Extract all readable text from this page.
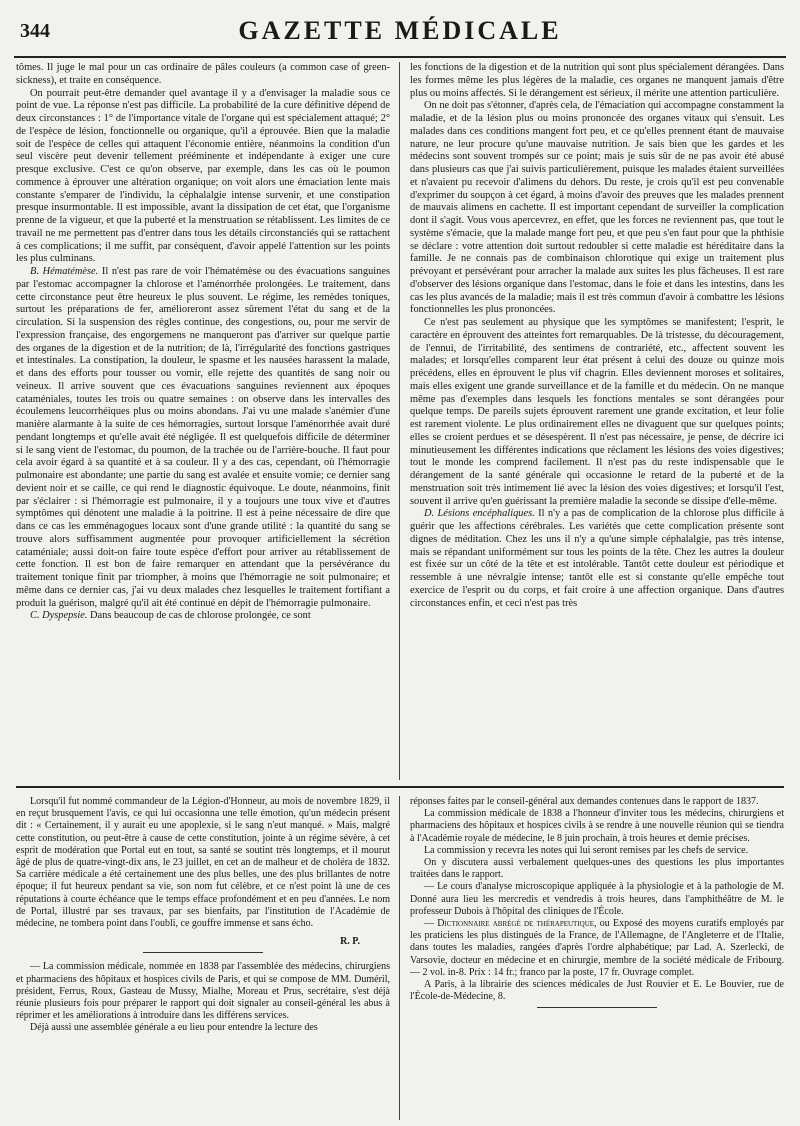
344	GAZETTE MÉDICALE

tômes. Il juge le mal pour un cas ordinaire de pâles couleurs (a common case of green-sickness), et traite en conséquence.

On pourrait peut-être demander quel avantage il y a d'envisager la maladie sous ce point de vue. La réponse n'est pas difficile. La probabilité de la cure définitive dépend de deux circonstances : 1° de l'importance vitale de l'organe qui est spécialement attaqué; 2° de l'espèce de lésion, fonctionnelle ou organique, qu'il a éprouvée. Bien que la maladie soit de l'espèce de celles qui attaquent l'économie entière, néanmoins la condition d'un seul viscère peut devenir tellement prééminente et indépendante à exiger une cure presque exclusive. C'est ce qu'on observe, par exemple, dans les cas où le poumon commence à éprouver une altération organique; on voit alors une émaciation lente mais constante s'emparer de l'individu, la céphalalgie intense survenir, et une constipation presque insurmontable. Il est impossible, avant la dissipation de cet état, que l'organisme prenne de la vigueur, et que la puberté et la menstruation se rétablissent. Les limites de ce travail ne me permettent pas d'entrer dans tous les détails circonstanciés qui se rattachent à ces complications; il me suffit, par conséquent, d'avoir appelé l'attention sur les points les plus culminans.

B. Hématémèse. Il n'est pas rare de voir l'hématémèse ou des évacuations sanguines par l'estomac accompagner la chlorose et l'aménorrhée prolongées. Le traitement, dans cette circonstance peut être heureux le plus souvent. Le régime, les remèdes toniques, surtout les préparations de fer, amélioreront assez sûrement l'état du sang et de la circulation. Si la suspension des règles continue, des congestions, ou, pour me servir de l'expression française, des engorgemens ne manqueront pas d'arriver sur quelque partie des organes de la digestion et de la nutrition; de là, l'irrégularité des fonctions gastriques et intestinales. La constipation, la douleur, le spasme et les nausées harassent la malade, et dans des efforts pour tousser ou vomir, elle rejette des quantités de sang noir ou veineux. Il arrive souvent que ces évacuations sanguines reviennent aux époques cataméniales, toutes les trois ou quatre semaines : on observe dans les intervalles des écoulemens leucorrhéiques plus ou moins abondans. J'ai vu une malade s'anémier d'une manière alarmante à la suite de ces hémorragies, surtout lorsque l'aménorrhée avait duré pendant longtemps et qu'elle avait été négligée. Il est quelquefois difficile de déterminer si le sang vient de l'estomac, du poumon, de la trachée ou de l'arrière-bouche. Il faut pour cela avoir égard à sa quantité et à sa couleur. Il y a des cas, cependant, où l'hémorragie pulmonaire est abondante; une partie du sang est avalée et ensuite vomie; ce dernier sang devient noir et se caille, ce qui rend le diagnostic équivoque. Le doute, néanmoins, finit par s'éclairer : si l'hémorragie est pulmonaire, il y a toujours une toux vive et d'autres symptômes qui dénotent une maladie à la poitrine. Il est à peine nécessaire de dire que dans ce cas les emménagogues locaux sont d'une grande utilité : la quantité du sang se trouve alors suffisamment augmentée pour provoquer artificiellement la sécrétion cataméniale; aussi doit-on faire toute espèce d'effort pour arriver au rétablissement de cette fonction. Il est bon de faire remarquer en attendant que la persévérance du traitement tonique finit par triompher, à moins que l'hémorragie ne soit pulmonaire; et même dans ce dernier cas, j'ai vu deux malades chez lesquelles le traitement fortifiant a produit la guérison, malgré qu'il ait été continué en dépit de l'hémorragie pulmonaire.

C. Dyspepsie. Dans beaucoup de cas de chlorose prolongée, ce sont

les fonctions de la digestion et de la nutrition qui sont plus spécialement dérangées. Dans les formes même les plus légères de la maladie, ces organes ne manquent jamais d'être plus ou moins affectés. Si le dérangement est sérieux, il mérite une attention particulière.

On ne doit pas s'étonner, d'après cela, de l'émaciation qui accompagne constamment la maladie, et de la lésion plus ou moins prononcée des organes vitaux qui s'ensuit. Les malades dans ces conditions mangent fort peu, et ce qu'elles prennent étant de mauvaise nature, ne leur procure qu'une mauvaise nutrition. Je sais bien que les gardes et les médecins sont souvent trompés sur ce point; mais je suis sûr de ne pas avoir été abusé dans plusieurs cas que j'ai suivis particulièrement, puisque les malades étaient surveillées et n'avaient pu recevoir d'alimens du dehors. Du reste, je crois qu'il est peu convenable d'exprimer du soupçon à cet égard, à moins d'avoir des preuves que les malades prennent de mauvais alimens en cachette. Il est important cependant de surveiller la complication dont il s'agit. Vous vous apercevrez, en effet, que les forces ne reviennent pas, que tout le système s'émacie, que la malade mange fort peu, et que peu s'en faut pour que la phthisie se déclare : votre attention doit surtout redoubler si cette maladie est héréditaire dans la famille. Je ne connais pas de combinaison chlorotique qui exige un traitement plus prévoyant et persévérant pour arracher la malade aux suites les plus fâcheuses. Il est rare d'observer des lésions organique dans l'estomac, dans le foie et dans les intestins, dans les cas les plus avancés de la maladie; mais il est très commun d'avoir à combattre les lésions fonctionnelles les plus prononcées.

Ce n'est pas seulement au physique que les symptômes se manifestent; l'esprit, le caractère en éprouvent des atteintes fort remarquables. De là tristesse, du découragement, de l'ennui, de l'irritabilité, des sentimens de contrariété, etc., affectent souvent les malades; et lorsqu'elles comparent leur état présent à celui des douze ou quinze mois précédens, elles en éprouvent le plus vif chagrin. Elles deviennent moroses et solitaires, mais elles exigent une grande surveillance et de la famille et du médecin. On ne manque même pas d'exemples dans lesquels les fonctions mentales se sont dérangées pour quelque temps. De pareils sujets éprouvent rarement une grande excitation, et leur folie est rarement violente. Le plus ordinairement elles ne divaguent que sur quelques points; elles se croient perdues et se désespèrent. Il n'est pas nécessaire, je pense, de décrire ici minutieusement les différentes indications que réclament les lésions des voies digestives; tout le monde les comprend facilement. Il n'est pas du reste indispensable que le dérangement de la santé générale qui occasionne le retard de la puberté et de la menstruation soit très intimement lié avec la lésion des voies digestives; et lorsqu'il l'est, souvent il arrive qu'en guérissant la première maladie la seconde se dissipe d'elle-même.

D. Lésions encéphaliques. Il n'y a pas de complication de la chlorose plus difficile à guérir que les affections cérébrales. Les variétés que cette complication présente sont dignes de méditation. Chez les uns il n'y a qu'une simple céphalalgie, pas très intense, mais se répandant uniformément sur tous les points de la tête. Chez les autres la douleur est fixée sur un côté de la tête et est intolérable. Tantôt cette douleur est périodique et ressemble à une névralgie intense; tantôt elle est si constante qu'elle empêche tout exercice de l'esprit ou du corps, et fait croire à une affection organique. Dans d'autres circonstances enfin, et ceci n'est pas très

Lorsqu'il fut nommé commandeur de la Légion-d'Honneur, au mois de novembre 1829, il en reçut brusquement l'avis, ce qui lui occasionna une telle émotion, qu'un médecin présent dit : « Certainement, il y aurait eu une apoplexie, si le sang n'eut manqué. » Mais, malgré cette constitution, ou peut-être à cause de cette constitution, jointe à un régime sévère, à cet esprit de modération que Portal eut en tout, sa santé se soutint très longtemps, et il mourut âgé de plus de quatre-vingt-dix ans, le 23 juillet, en cet an de malheur et de choléra de 1832. Sa carrière médicale a été certainement une des plus belles, une des plus brillantes de notre époque; il fut heureux pendant sa vie, son nom fut célèbre, et ce n'est point là une de ces réputations à courte échéance que le temps efface profondément et en peu d'années. Le nom de Portal, illustré par ses travaux, par ses bienfaits, par l'institution de l'Académie de médecine, ne tombera point dans l'oubli, ce gouffre immense et sans écho.

R. P.

— La commission médicale, nommée en 1838 par l'assemblée des médecins, chirurgiens et pharmaciens des hôpitaux et hospices civils de Paris, et qui se compose de MM. Duméril, président, Ferrus, Roux, Gasteau de Mussy, Mialhe, Moreau et Prus, secrétaire, s'est déjà réunie plusieurs fois pour préparer le rapport qui doit signaler au conseil-général les abus à réprimer et les améliorations à introduire dans les différens services.

Déjà aussi une assemblée générale a eu lieu pour entendre la lecture des

réponses faites par le conseil-général aux demandes contenues dans le rapport de 1837.

La commission médicale de 1838 a l'honneur d'inviter tous les médecins, chirurgiens et pharmaciens des hôpitaux et hospices civils à se rendre à une nouvelle réunion qui se tiendra à l'Académie royale de médecine, le 8 juin prochain, à trois heures et demie précises.

La commission y recevra les notes qui lui seront remises par les chefs de service.

On y discutera aussi verbalement quelques-unes des questions les plus importantes traitées dans le rapport.

— Le cours d'analyse microscopique appliquée à la physiologie et à la pathologie de M. Donné aura lieu les mercredis et vendredis à trois heures, dans l'amphithéâtre de M. le professeur Dubois à l'hôpital des cliniques de l'École.

— Dictionnaire abrégé de thérapeutique, ou Exposé des moyens curatifs employés par les praticiens les plus distingués de la France, de l'Allemagne, de l'Angleterre et de l'Italie, dans toutes les maladies, rangées d'après l'ordre alphabétique; par Lad. A. Szerlecki, de Varsovie, docteur en médecine et en chirurgie, membre de la société médicale de Fribourg. — 2 vol. in-8. Prix : 14 fr.; franco par la poste, 17 fr. Ouvrage complet.

A Paris, à la librairie des sciences médicales de Just Rouvier et E. Le Bouvier, rue de l'École-de-Médecine, 8.
